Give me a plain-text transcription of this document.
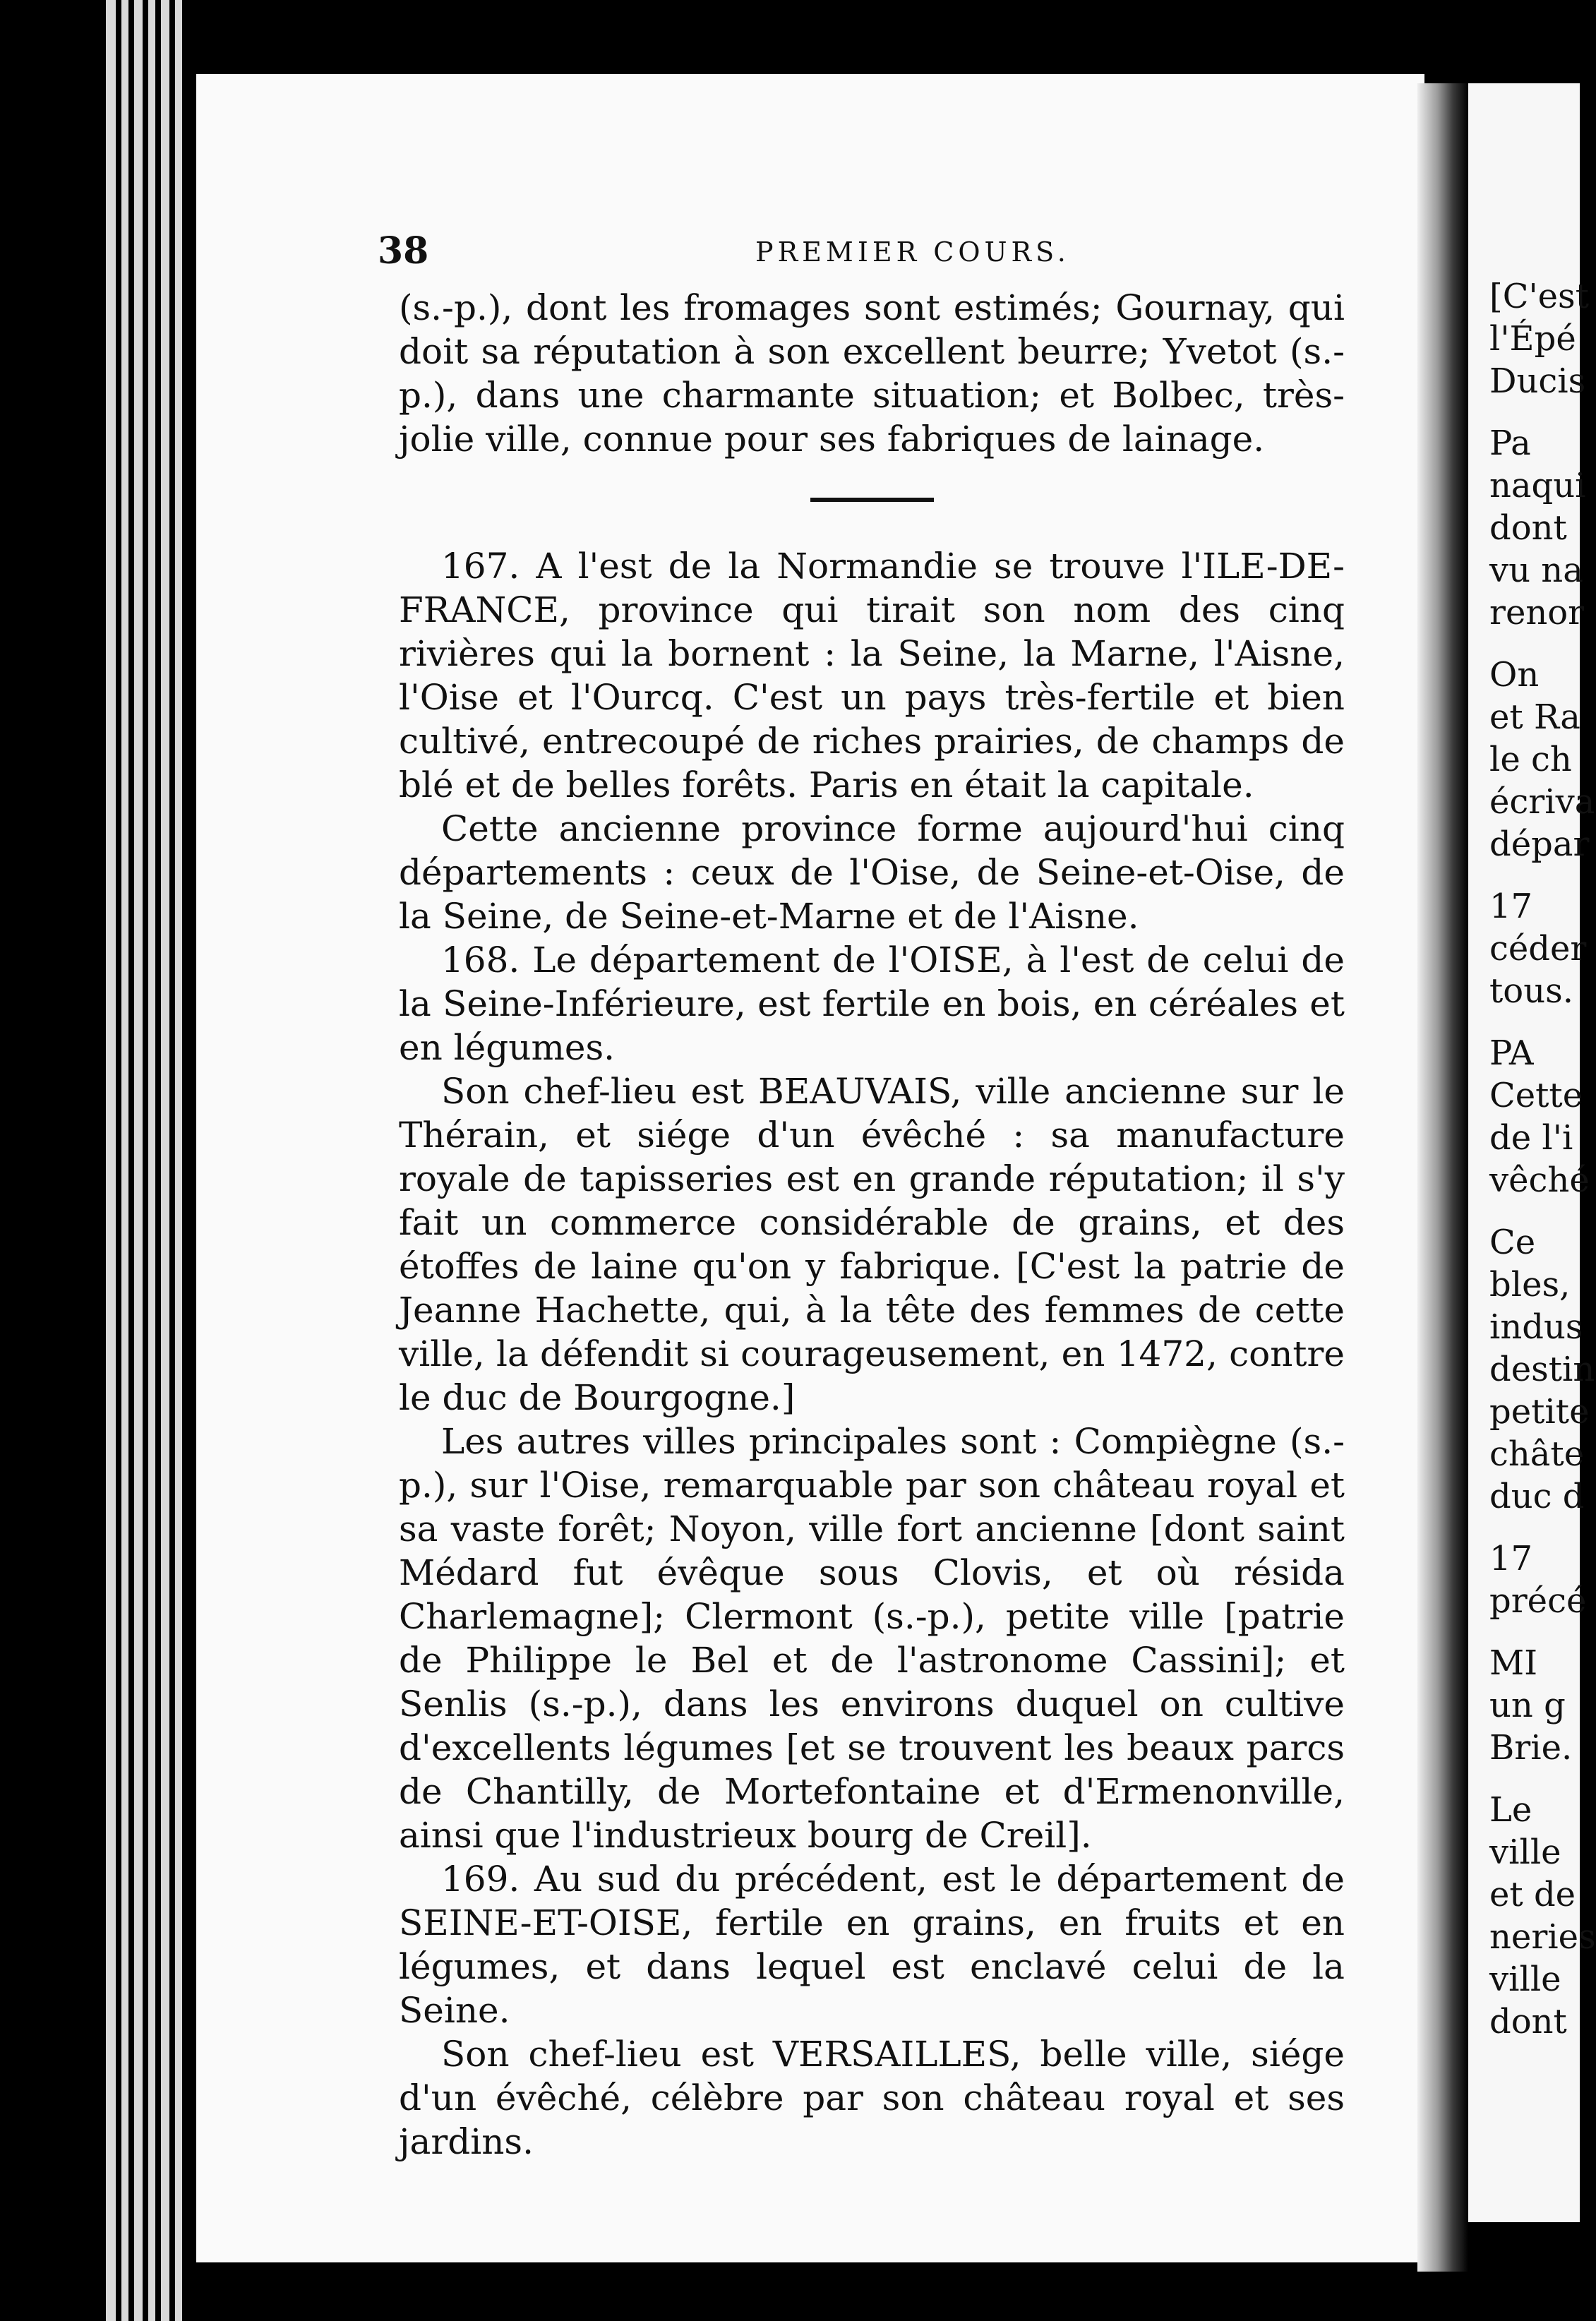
38	PREMIER COURS.

(s.-p.), dont les fromages sont estimés; Gournay, qui doit sa réputation à son excellent beurre; Yvetot (s.-p.), dans une charmante situation; et Bolbec, très-jolie ville, connue pour ses fabriques de lainage.

167. A l'est de la Normandie se trouve l'ILE-DE-FRANCE, province qui tirait son nom des cinq rivières qui la bornent : la Seine, la Marne, l'Aisne, l'Oise et l'Ourcq. C'est un pays très-fertile et bien cultivé, entrecoupé de riches prairies, de champs de blé et de belles forêts. Paris en était la capitale.

Cette ancienne province forme aujourd'hui cinq départements : ceux de l'Oise, de Seine-et-Oise, de la Seine, de Seine-et-Marne et de l'Aisne.

168. Le département de l'OISE, à l'est de celui de la Seine-Inférieure, est fertile en bois, en céréales et en légumes.

Son chef-lieu est BEAUVAIS, ville ancienne sur le Thérain, et siége d'un évêché : sa manufacture royale de tapisseries est en grande réputation; il s'y fait un commerce considérable de grains, et des étoffes de laine qu'on y fabrique. [C'est la patrie de Jeanne Hachette, qui, à la tête des femmes de cette ville, la défendit si courageusement, en 1472, contre le duc de Bourgogne.]

Les autres villes principales sont : Compiègne (s.-p.), sur l'Oise, remarquable par son château royal et sa vaste forêt; Noyon, ville fort ancienne [dont saint Médard fut évêque sous Clovis, et où résida Charlemagne]; Clermont (s.-p.), petite ville [patrie de Philippe le Bel et de l'astronome Cassini]; et Senlis (s.-p.), dans les environs duquel on cultive d'excellents légumes [et se trouvent les beaux parcs de Chantilly, de Mortefontaine et d'Ermenonville, ainsi que l'industrieux bourg de Creil].

169. Au sud du précédent, est le département de SEINE-ET-OISE, fertile en grains, en fruits et en légumes, et dans lequel est enclavé celui de la Seine.

Son chef-lieu est VERSAILLES, belle ville, siége d'un évêché, célèbre par son château royal et ses jardins.

[C'est
l'Épé
Ducis
Pa
naqui
dont
vu na
renor
On
et Ra
le ch
écriva
dépar
17
céder
tous.
PA
Cette
de l'i
vêché
Ce
bles,
indus
destin
petite
châte
duc d
17
précé
MI
un g
Brie.
Le
ville
et de
neries
ville
dont
